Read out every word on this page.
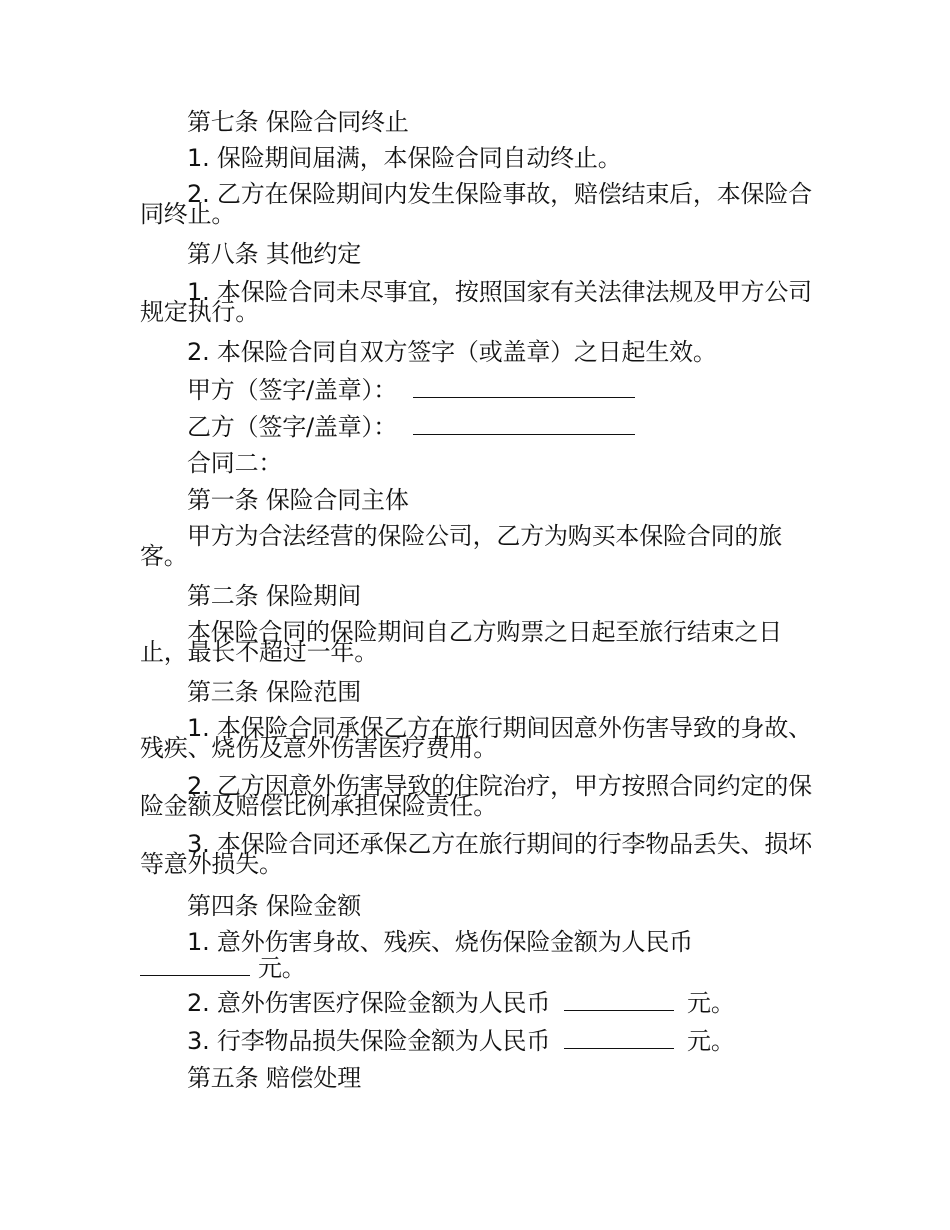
第七条 保险合同终止
1. 保险期间届满，本保险合同自动终止。
2. 乙方在保险期间内发生保险事故，赔偿结束后，本保险合同终止。
第八条 其他约定
1. 本保险合同未尽事宜，按照国家有关法律法规及甲方公司规定执行。
2. 本保险合同自双方签字（或盖章）之日起生效。
甲方（签字/盖章）：
乙方（签字/盖章）：
合同二：
第一条 保险合同主体
甲方为合法经营的保险公司，乙方为购买本保险合同的旅客。
第二条 保险期间
本保险合同的保险期间自乙方购票之日起至旅行结束之日止，最长不超过一年。
第三条 保险范围
1. 本保险合同承保乙方在旅行期间因意外伤害导致的身故、残疾、烧伤及意外伤害医疗费用。
2. 乙方因意外伤害导致的住院治疗，甲方按照合同约定的保险金额及赔偿比例承担保险责任。
3. 本保险合同还承保乙方在旅行期间的行李物品丢失、损坏等意外损失。
第四条 保险金额
1. 意外伤害身故、残疾、烧伤保险金额为人民币
元。
2. 意外伤害医疗保险金额为人民币	元。
3. 行李物品损失保险金额为人民币	元。
第五条 赔偿处理
